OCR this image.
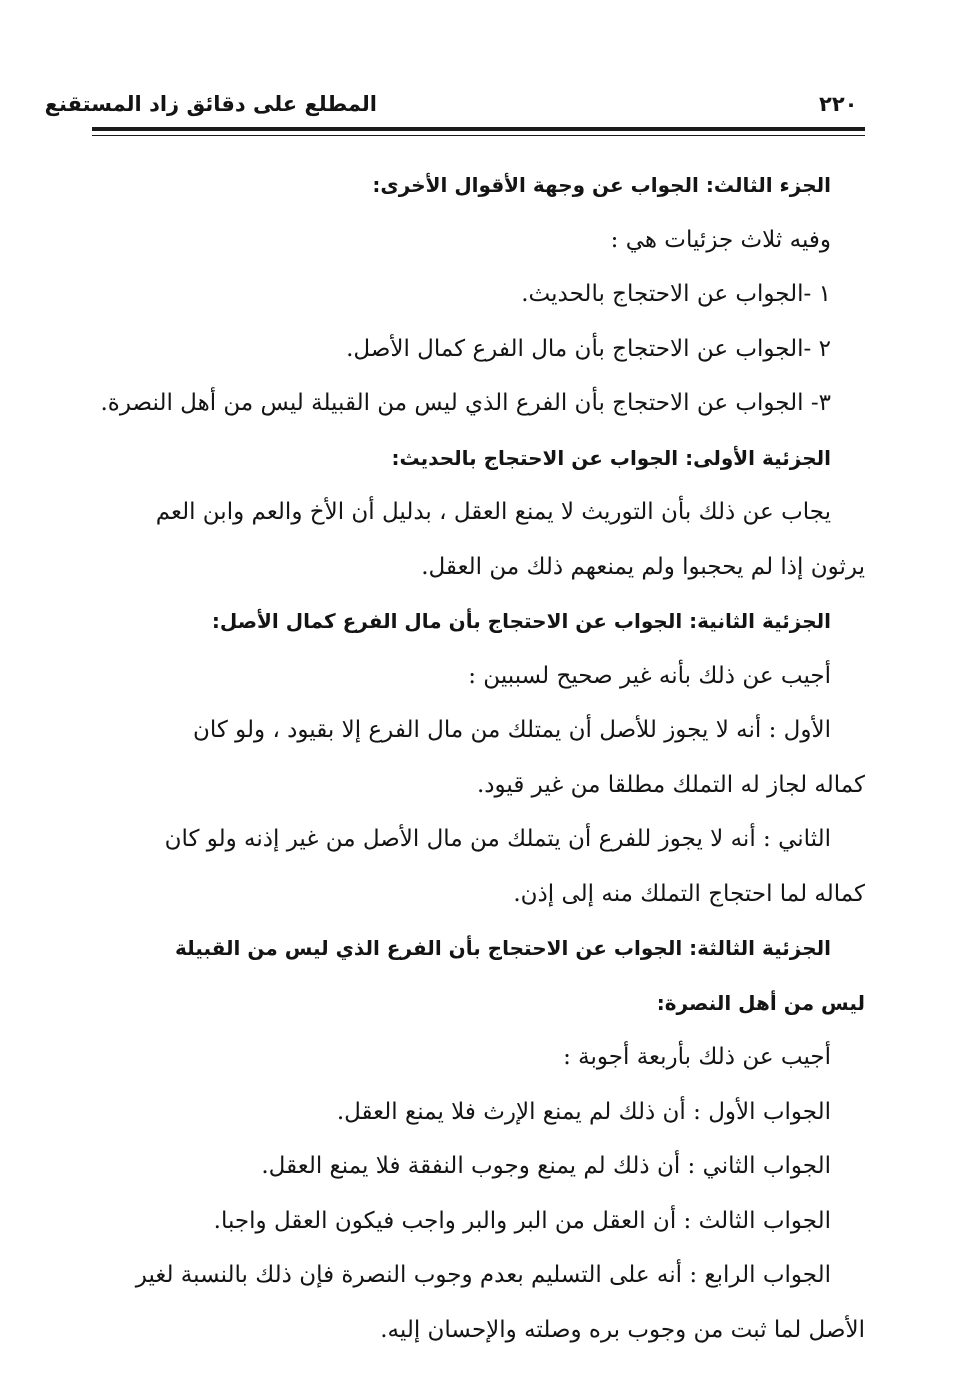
المطلع على دقائق زاد المستقنع	٢٢٠

الجزء الثالث: الجواب عن وجهة الأقوال الأخرى:

وفيه ثلاث جزئيات هي :

١ -الجواب عن الاحتجاج بالحديث.

٢ -الجواب عن الاحتجاج بأن مال الفرع كمال الأصل.

٣- الجواب عن الاحتجاج بأن الفرع الذي ليس من القبيلة ليس من أهل النصرة.

الجزئية الأولى: الجواب عن الاحتجاج بالحديث:

يجاب عن ذلك بأن التوريث لا يمنع العقل ، بدليل أن الأخ والعم وابن العم

يرثون إذا لم يحجبوا ولم يمنعهم ذلك من العقل.

الجزئية الثانية: الجواب عن الاحتجاج بأن مال الفرع كمال الأصل:

أجيب عن ذلك بأنه غير صحيح لسببين :

الأول : أنه لا يجوز للأصل أن يمتلك من مال الفرع إلا بقيود ، ولو كان

كماله لجاز له التملك مطلقا من غير قيود.

الثاني : أنه لا يجوز للفرع أن يتملك من مال الأصل من غير إذنه ولو كان

كماله لما احتجاج التملك منه إلى إذن.

الجزئية الثالثة: الجواب عن الاحتجاج بأن الفرع الذي ليس من القبيلة

ليس من أهل النصرة:

أجيب عن ذلك بأربعة أجوبة :

الجواب الأول : أن ذلك لم يمنع الإرث فلا يمنع العقل.

الجواب الثاني : أن ذلك لم يمنع وجوب النفقة فلا يمنع العقل.

الجواب الثالث : أن العقل من البر والبر واجب فيكون العقل واجبا.

الجواب الرابع : أنه على التسليم بعدم وجوب النصرة فإن ذلك بالنسبة لغير

الأصل لما ثبت من وجوب بره وصلته والإحسان إليه.
